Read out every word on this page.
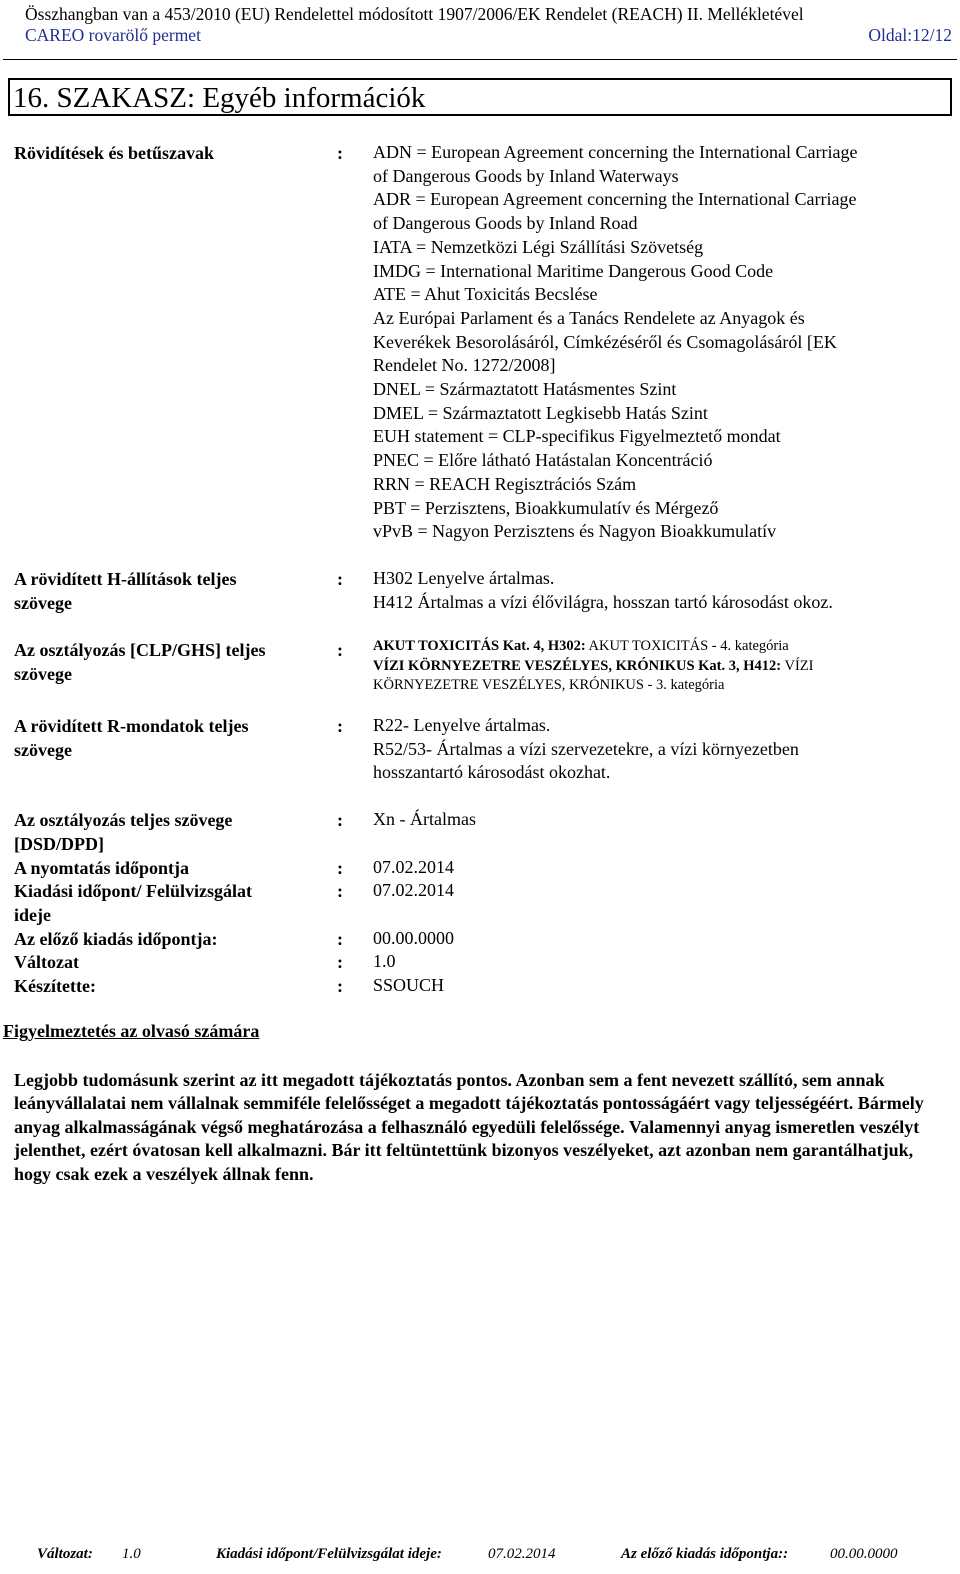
Összhangban van a 453/2010 (EU) Rendelettel módosított 1907/2006/EK Rendelet (REACH) II. Mellékletével
CAREO rovarölő permet	Oldal:12/12
16. SZAKASZ: Egyéb információk
Rövidítések és betűszavak	: ADN = European Agreement concerning the International Carriage
of Dangerous Goods by Inland Waterways
ADR = European Agreement concerning the International Carriage
of Dangerous Goods by Inland Road
IATA = Nemzetközi Légi Szállítási Szövetség
IMDG = International Maritime Dangerous Good Code
ATE = Ahut Toxicitás Becslése
Az Európai Parlament és a Tanács Rendelete az Anyagok és
Keverékek Besorolásáról, Címkézéséről és Csomagolásáról [EK
Rendelet No. 1272/2008]
DNEL = Származtatott Hatásmentes Szint
DMEL = Származtatott Legkisebb Hatás Szint
EUH statement = CLP-specifikus Figyelmeztető mondat
PNEC = Előre látható Hatástalan Koncentráció
RRN = REACH Regisztrációs Szám
PBT = Perzisztens, Bioakkumulatív és Mérgező
vPvB = Nagyon Perzisztens és Nagyon Bioakkumulatív
A rövidített H-állítások teljes
szövege
: H302 Lenyelve ártalmas.
H412 Ártalmas a vízi élővilágra, hosszan tartó károsodást okoz.
Az osztályozás [CLP/GHS] teljes
szövege
: AKUT TOXICITÁS Kat. 4, H302: AKUT TOXICITÁS - 4. kategória
VÍZI KÖRNYEZETRE VESZÉLYES, KRÓNIKUS Kat. 3, H412: VÍZI
KÖRNYEZETRE VESZÉLYES, KRÓNIKUS - 3. kategória
A rövidített R-mondatok teljes
szövege
: R22- Lenyelve ártalmas.
R52/53- Ártalmas a vízi szervezetekre, a vízi környezetben
hosszantartó károsodást okozhat.
Az osztályozás teljes szövege
[DSD/DPD]
: Xn - Ártalmas
A nyomtatás időpontja	: 07.02.2014
Kiadási időpont/ Felülvizsgálat
ideje
: 07.02.2014
Az előző kiadás időpontja:	: 00.00.0000
Változat	: 1.0
Készítette:	: SSOUCH
Figyelmeztetés az olvasó számára
Legjobb tudomásunk szerint az itt megadott tájékoztatás pontos. Azonban sem a fent nevezett szállító, sem annak leányvállalatai nem vállalnak semmiféle felelősséget a megadott tájékoztatás pontosságáért vagy teljességéért. Bármely anyag alkalmasságának végső meghatározása a felhasználó egyedüli felelőssége. Valamennyi anyag ismeretlen veszélyt jelenthet, ezért óvatosan kell alkalmazni. Bár itt feltüntettünk bizonyos veszélyeket, azt azonban nem garantálhatjuk, hogy csak ezek a veszélyek állnak fenn.
Változat: 1.0	Kiadási időpont/Felülvizsgálat ideje:	07.02.2014	Az előző kiadás időpontja::	00.00.0000
